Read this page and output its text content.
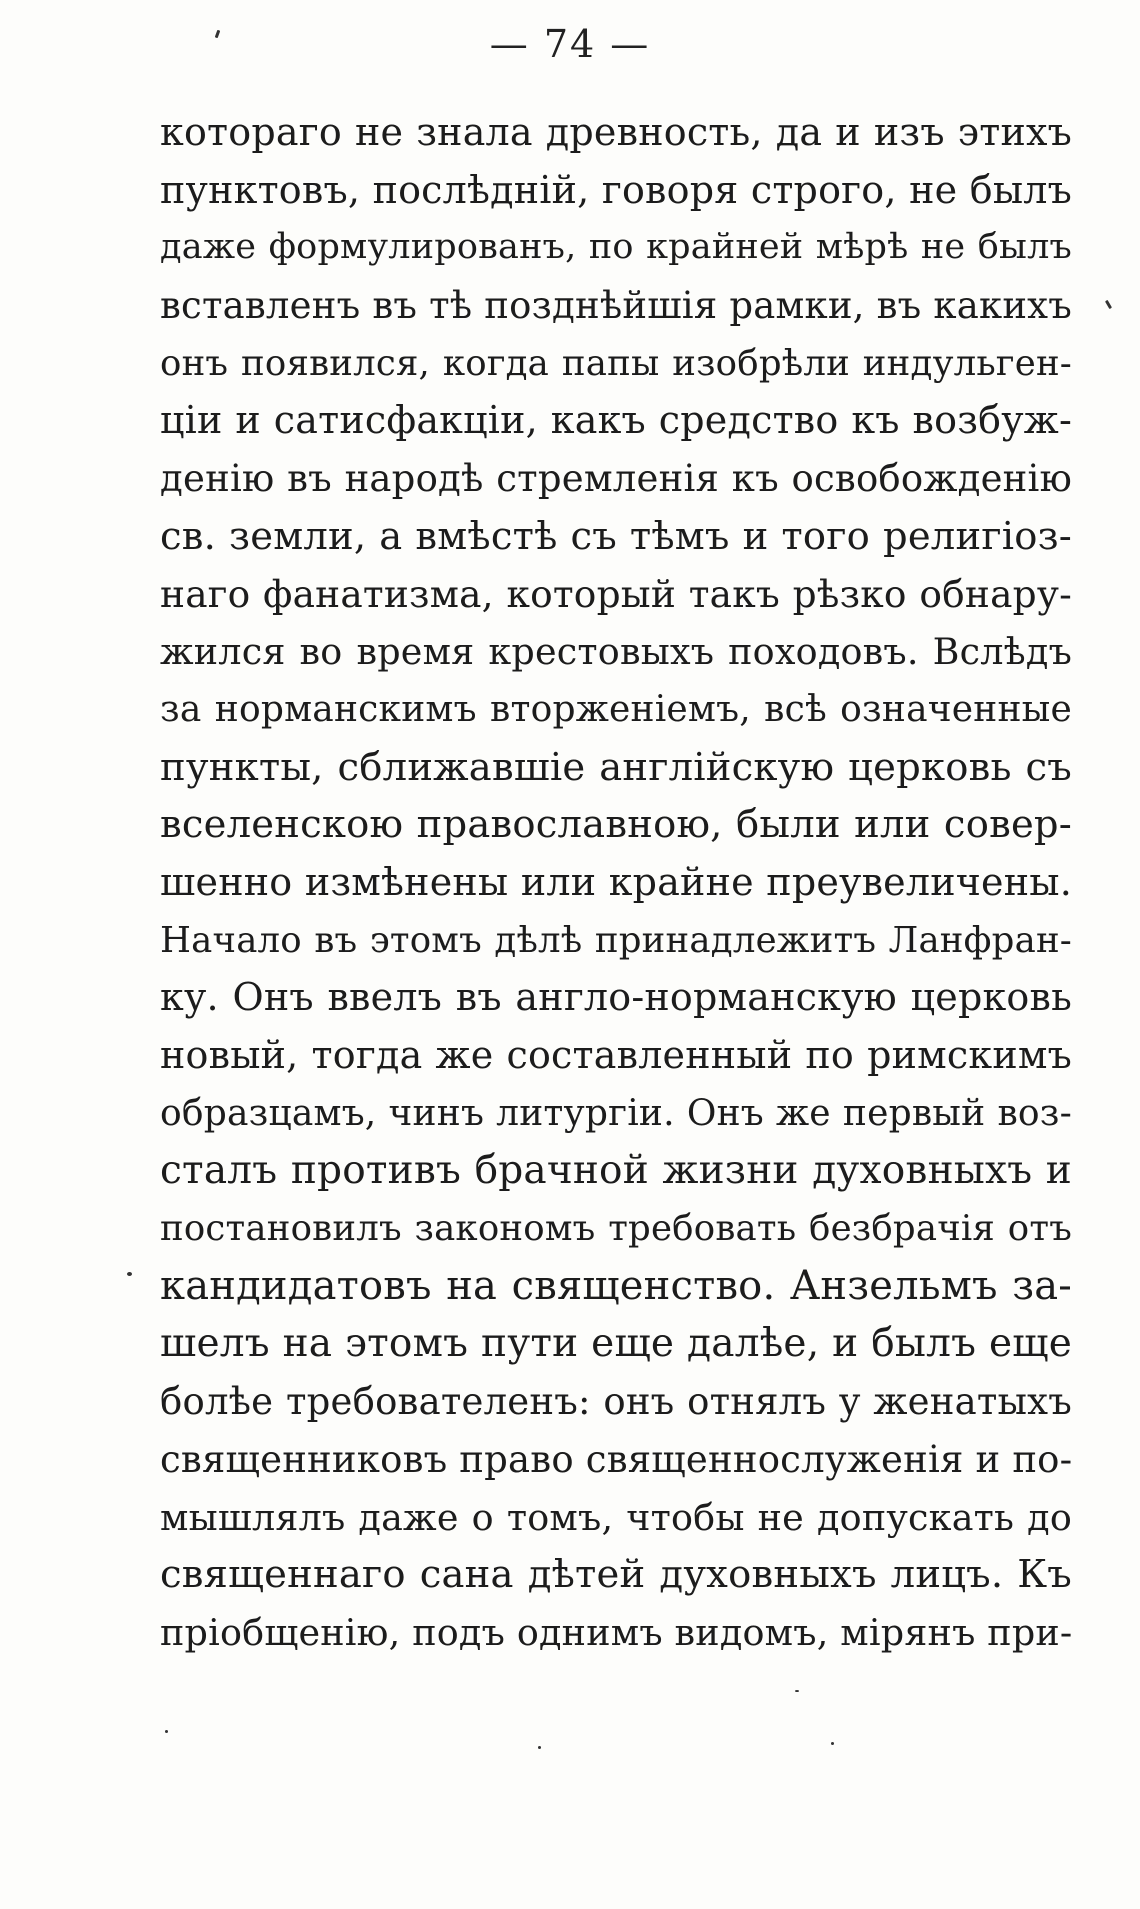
— 74 —
котораго не знала древность, да и изъ этихъ
пунктовъ, послѣдній, говоря строго, не былъ
даже формулированъ, по крайней мѣрѣ не былъ
вставленъ въ тѣ позднѣйшія рамки, въ какихъ
онъ появился, когда папы изобрѣли индульген-
ціи и сатисфакціи, какъ средство къ возбуж-
денію въ народѣ стремленія къ освобожденію
св. земли, а вмѣстѣ съ тѣмъ и того религіоз-
наго фанатизма, который такъ рѣзко обнару-
жился во время крестовыхъ походовъ. Вслѣдъ
за норманскимъ вторженіемъ, всѣ означенные
пункты, сближавшіе англійскую церковь съ
вселенскою православною, были или совер-
шенно измѣнены или крайне преувеличены.
Начало въ этомъ дѣлѣ принадлежитъ Ланфран-
ку. Онъ ввелъ въ англо-норманскую церковь
новый, тогда же составленный по римскимъ
образцамъ, чинъ литургіи. Онъ же первый воз-
сталъ противъ брачной жизни духовныхъ и
постановилъ закономъ требовать безбрачія отъ
кандидатовъ на священство. Анзельмъ за-
шелъ на этомъ пути еще далѣе, и былъ еще
болѣе требователенъ: онъ отнялъ у женатыхъ
священниковъ право священнослуженія и по-
мышлялъ даже о томъ, чтобы не допускать до
священнаго сана дѣтей духовныхъ лицъ. Къ
пріобщенію, подъ однимъ видомъ, мірянъ при-
